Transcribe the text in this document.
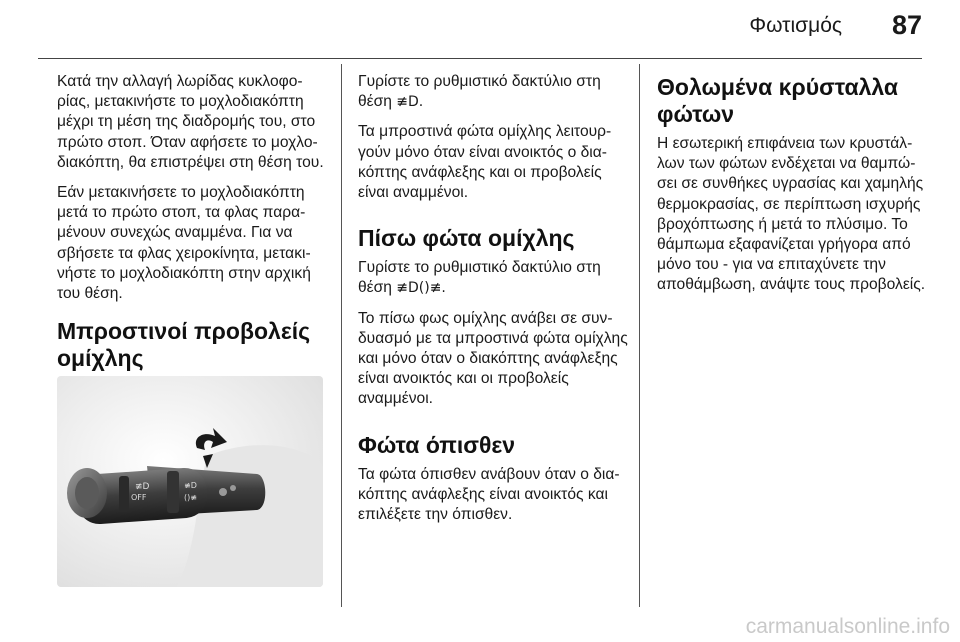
Φωτισμός 87

Κατά την αλλαγή λωρίδας κυκλοφορίας, μετακινήστε το μοχλοδιακόπτη μέχρι τη μέση της διαδρομής του, στο πρώτο στοπ. Όταν αφήσετε το μοχλοδιακόπτη, θα επιστρέψει στη θέση του.

Εάν μετακινήσετε το μοχλοδιακόπτη μετά το πρώτο στοπ, τα φλας παραμένουν συνεχώς αναμμένα. Για να σβήσετε τα φλας χειροκίνητα, μετακινήστε το μοχλοδιακόπτη στην αρχική του θέση.

Μπροστινοί προβολείς ομίχλης
≢D
OFF
≢D
()≢

Γυρίστε το ρυθμιστικό δακτύλιο στη θέση ≢D.

Τα μπροστινά φώτα ομίχλης λειτουργούν μόνο όταν είναι ανοικτός ο διακόπτης ανάφλεξης και οι προβολείς είναι αναμμένοι.

Πίσω φώτα ομίχλης

Γυρίστε το ρυθμιστικό δακτύλιο στη θέση ≢D()≢.

Το πίσω φως ομίχλης ανάβει σε συνδυασμό με τα μπροστινά φώτα ομίχλης και μόνο όταν ο διακόπτης ανάφλεξης είναι ανοικτός και οι προβολείς αναμμένοι.

Φώτα όπισθεν

Τα φώτα όπισθεν ανάβουν όταν ο διακόπτης ανάφλεξης είναι ανοικτός και επιλέξετε την όπισθεν.

Θολωμένα κρύσταλλα φώτων

Η εσωτερική επιφάνεια των κρυστάλλων των φώτων ενδέχεται να θαμπώσει σε συνθήκες υγρασίας και χαμηλής θερμοκρασίας, σε περίπτωση ισχυρής βροχόπτωσης ή μετά το πλύσιμο. Το θάμπωμα εξαφανίζεται γρήγορα από μόνο του - για να επιταχύνετε την αποθάμβωση, ανάψτε τους προβολείς.

carmanualsonline.info
